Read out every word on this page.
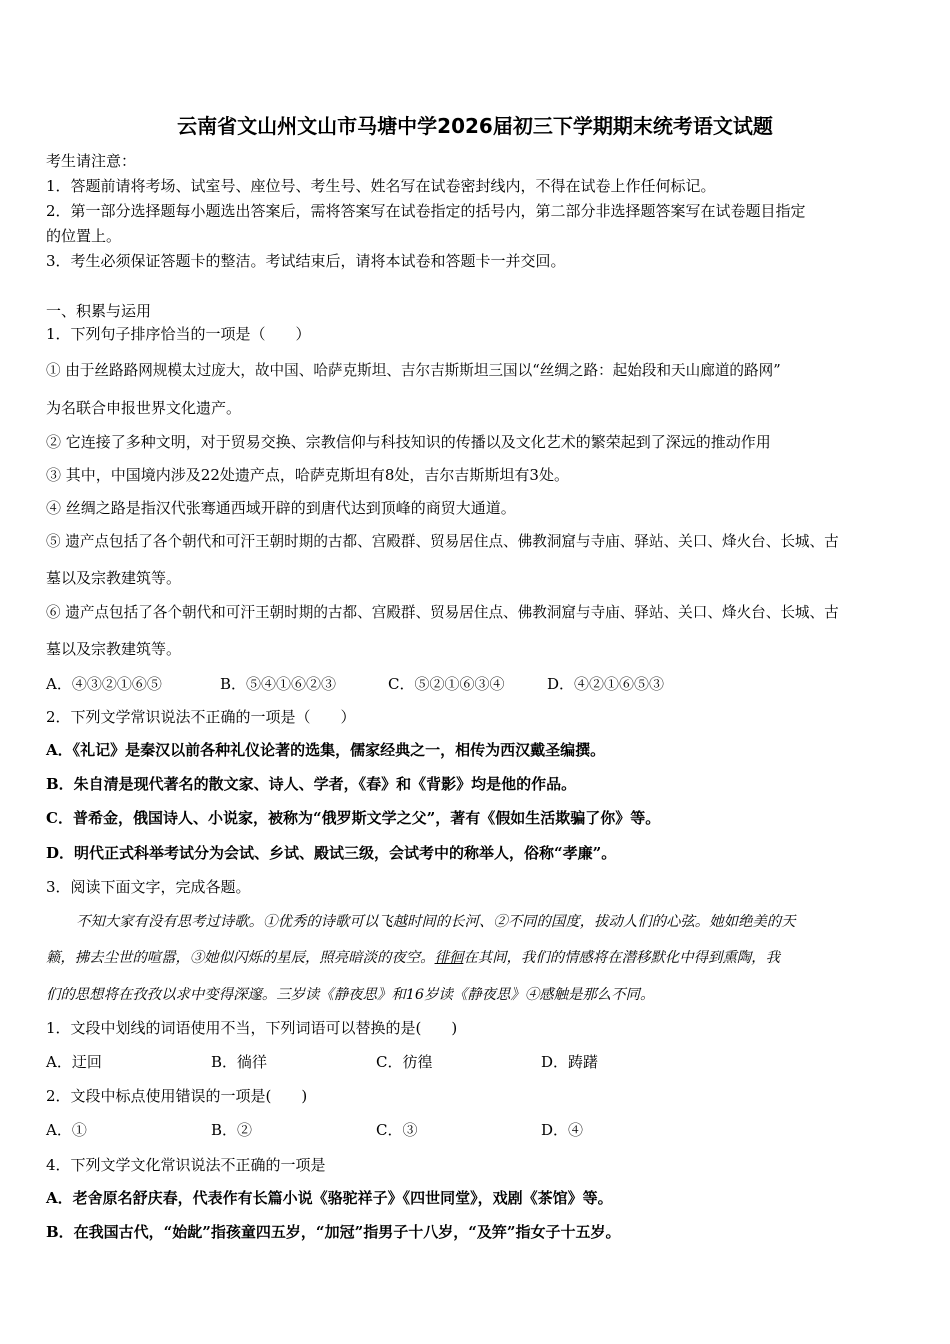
云南省文山州文山市马塘中学2026届初三下学期期末统考语文试题
考生请注意：
1．答题前请将考场、试室号、座位号、考生号、姓名写在试卷密封线内，不得在试卷上作任何标记。
2．第一部分选择题每小题选出答案后，需将答案写在试卷指定的括号内，第二部分非选择题答案写在试卷题目指定
的位置上。
3．考生必须保证答题卡的整洁。考试结束后，请将本试卷和答题卡一并交回。
一、积累与运用
1．下列句子排序恰当的一项是（　　）
① 由于丝路路网规模太过庞大，故中国、哈萨克斯坦、吉尔吉斯斯坦三国以“丝绸之路：起始段和天山廊道的路网”
为名联合申报世界文化遗产。
② 它连接了多种文明，对于贸易交换、宗教信仰与科技知识的传播以及文化艺术的繁荣起到了深远的推动作用
③ 其中，中国境内涉及22处遗产点，哈萨克斯坦有8处，吉尔吉斯斯坦有3处。
④ 丝绸之路是指汉代张骞通西域开辟的到唐代达到顶峰的商贸大通道。
⑤ 遗产点包括了各个朝代和可汗王朝时期的古都、宫殿群、贸易居住点、佛教洞窟与寺庙、驿站、关口、烽火台、长城、古
墓以及宗教建筑等。
⑥ 遗产点包括了各个朝代和可汗王朝时期的古都、宫殿群、贸易居住点、佛教洞窟与寺庙、驿站、关口、烽火台、长城、古
墓以及宗教建筑等。
A．④③②①⑥⑤	B．⑤④①⑥②③	C．⑤②①⑥③④	D．④②①⑥⑤③
2．下列文学常识说法不正确的一项是（　　）
A．《礼记》是秦汉以前各种礼仪论著的选集，儒家经典之一，相传为西汉戴圣编撰。
B．朱自清是现代著名的散文家、诗人、学者，《春》和《背影》均是他的作品。
C．普希金，俄国诗人、小说家，被称为“俄罗斯文学之父”，著有《假如生活欺骗了你》等。
D．明代正式科举考试分为会试、乡试、殿试三级，会试考中的称举人，俗称“孝廉”。
3．阅读下面文字，完成各题。
不知大家有没有思考过诗歌。①优秀的诗歌可以飞越时间的长河、②不同的国度，拔动人们的心弦。她如绝美的天
籁，拂去尘世的喧嚣，③她似闪烁的星辰，照亮暗淡的夜空。徘徊在其间，我们的情感将在潜移默化中得到熏陶，我
们的思想将在孜孜以求中变得深邃。三岁读《静夜思》和16岁读《静夜思》④感触是那么不同。
1．文段中划线的词语使用不当，下列词语可以替换的是(　　)
A．迂回	B．徜徉	C．彷徨	D．踌躇
2．文段中标点使用错误的一项是(　　)
A．①	B．②	C．③	D．④
4．下列文学文化常识说法不正确的一项是
A．老舍原名舒庆春，代表作有长篇小说《骆驼祥子》《四世同堂》，戏剧《茶馆》等。
B．在我国古代，“始龀”指孩童四五岁，“加冠”指男子十八岁，“及笄”指女子十五岁。
